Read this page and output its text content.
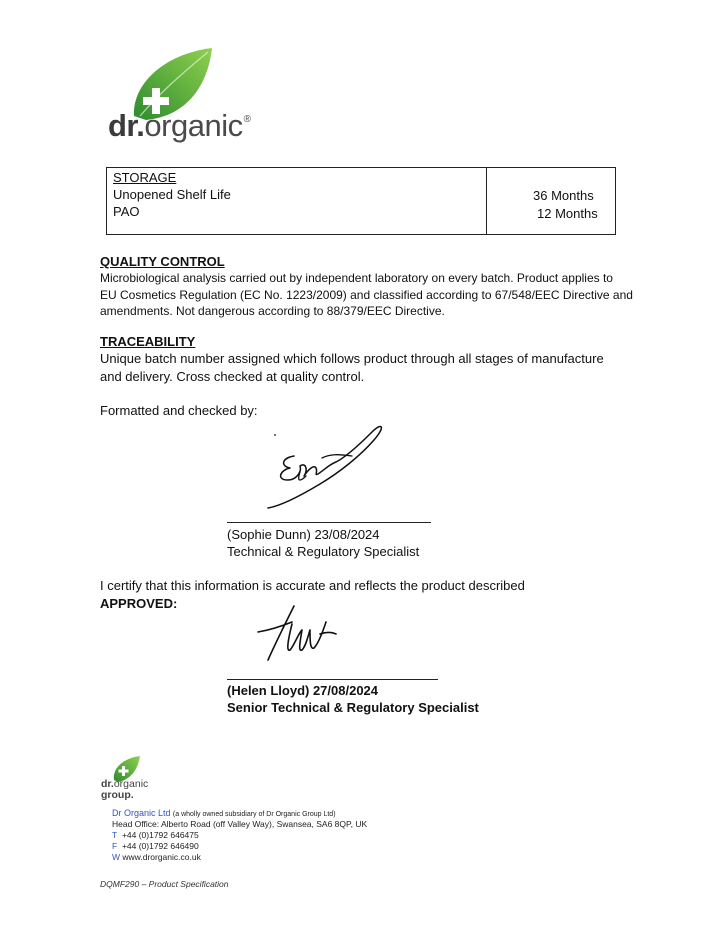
dr.organic®
STORAGE
Unopened Shelf Life
PAO
36 Months
12 Months
QUALITY CONTROL
Microbiological analysis carried out by independent laboratory on every batch. Product applies to
EU Cosmetics Regulation (EC No. 1223/2009) and classified according to 67/548/EEC Directive and
amendments. Not dangerous according to 88/379/EEC Directive.
TRACEABILITY
Unique batch number assigned which follows product through all stages of manufacture
and delivery. Cross checked at quality control.
Formatted and checked by:
(Sophie Dunn) 23/08/2024
Technical & Regulatory Specialist
I certify that this information is accurate and reflects the product described
APPROVED:
(Helen Lloyd) 27/08/2024
Senior Technical & Regulatory Specialist
dr.organic
group.
Dr Organic Ltd (a wholly owned subsidiary of Dr Organic Group Ltd)
Head Office: Alberto Road (off Valley Way), Swansea, SA6 8QP, UK
T +44 (0)1792 646475
F +44 (0)1792 646490
W www.drorganic.co.uk
DQMF290 – Product Specification
